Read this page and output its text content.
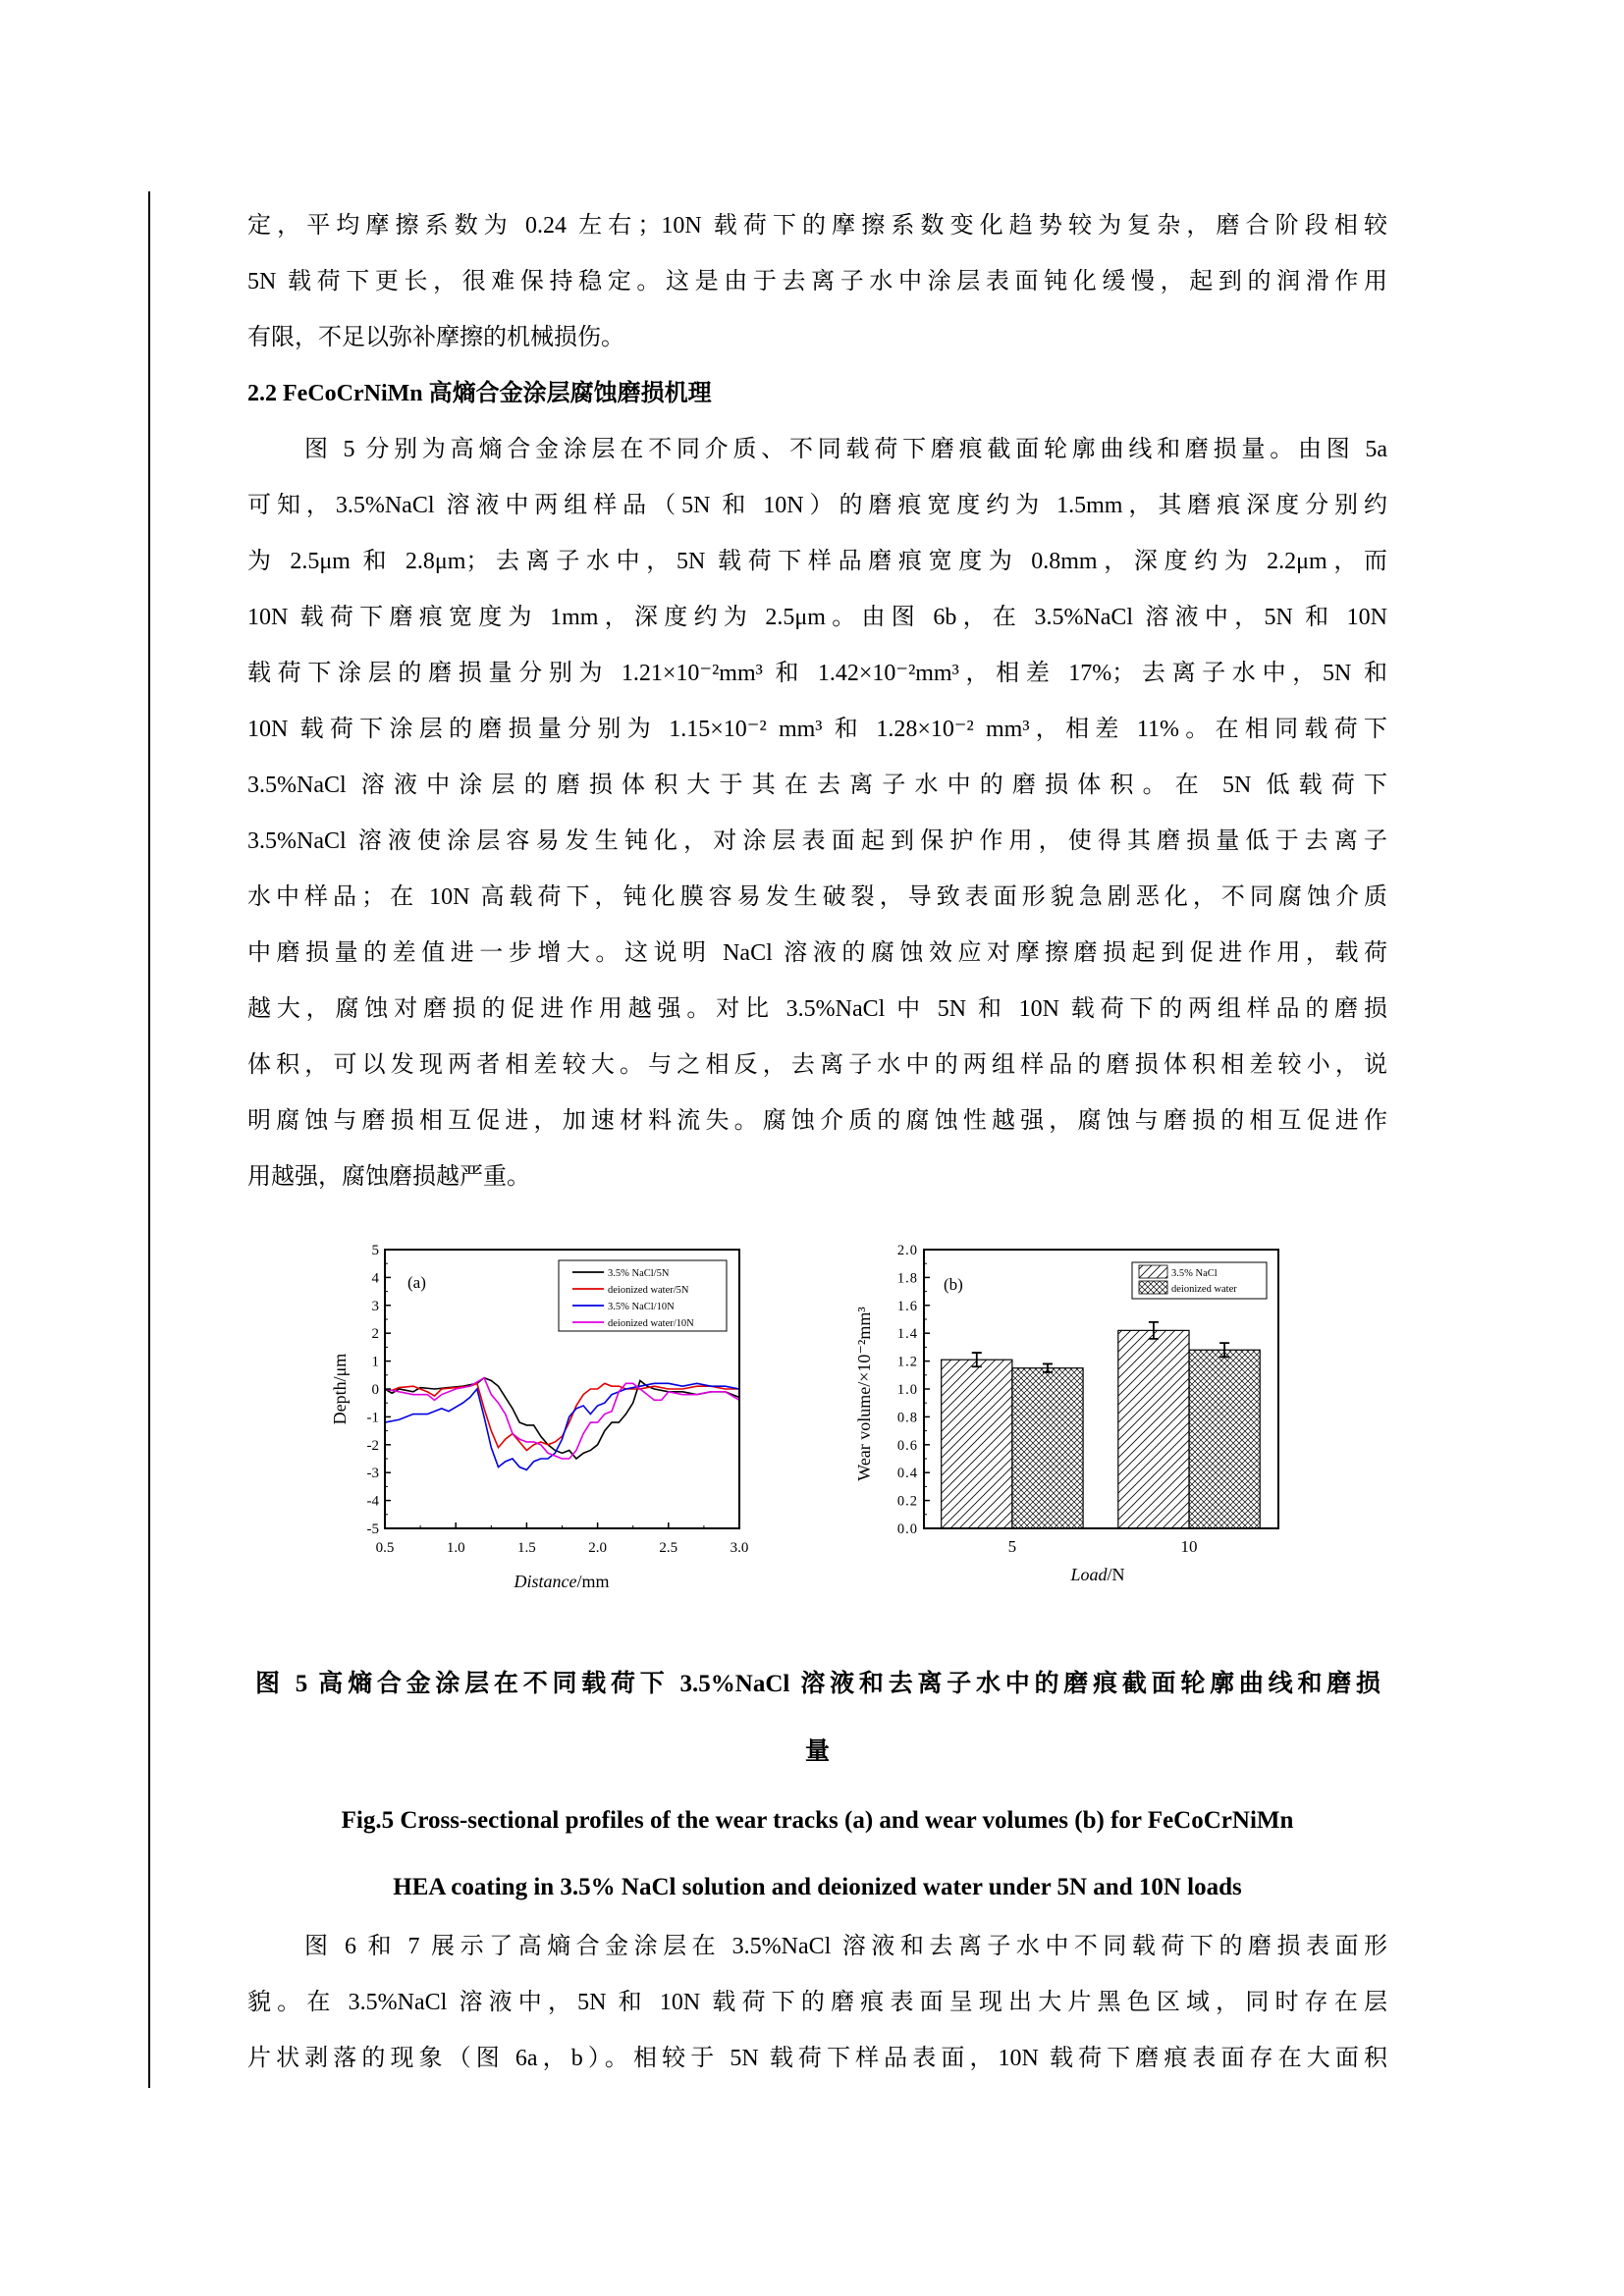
定，平均摩擦系数为 0.24 左右；10N 载荷下的摩擦系数变化趋势较为复杂，磨合阶段相较
5N 载荷下更长，很难保持稳定。这是由于去离子水中涂层表面钝化缓慢，起到的润滑作用
有限，不足以弥补摩擦的机械损伤。
2.2 FeCoCrNiMn 高熵合金涂层腐蚀磨损机理
图 5 分别为高熵合金涂层在不同介质、不同载荷下磨痕截面轮廓曲线和磨损量。由图 5a
可知，3.5%NaCl 溶液中两组样品（5N 和 10N）的磨痕宽度约为 1.5mm，其磨痕深度分别约
为 2.5μm 和 2.8μm；去离子水中，5N 载荷下样品磨痕宽度为 0.8mm，深度约为 2.2μm，而
10N 载荷下磨痕宽度为 1mm，深度约为 2.5μm。由图 6b，在 3.5%NaCl 溶液中，5N 和 10N
载荷下涂层的磨损量分别为 1.21×10⁻²mm³ 和 1.42×10⁻²mm³，相差 17%；去离子水中，5N 和
10N 载荷下涂层的磨损量分别为 1.15×10⁻² mm³ 和 1.28×10⁻² mm³，相差 11%。在相同载荷下
3.5%NaCl 溶液中涂层的磨损体积大于其在去离子水中的磨损体积。在 5N 低载荷下
3.5%NaCl 溶液使涂层容易发生钝化，对涂层表面起到保护作用，使得其磨损量低于去离子
水中样品；在 10N 高载荷下，钝化膜容易发生破裂，导致表面形貌急剧恶化，不同腐蚀介质
中磨损量的差值进一步增大。这说明 NaCl 溶液的腐蚀效应对摩擦磨损起到促进作用，载荷
越大，腐蚀对磨损的促进作用越强。对比 3.5%NaCl 中 5N 和 10N 载荷下的两组样品的磨损
体积，可以发现两者相差较大。与之相反，去离子水中的两组样品的磨损体积相差较小，说
明腐蚀与磨损相互促进，加速材料流失。腐蚀介质的腐蚀性越强，腐蚀与磨损的相互促进作
用越强，腐蚀磨损越严重。
图 5 高熵合金涂层在不同载荷下 3.5%NaCl 溶液和去离子水中的磨痕截面轮廓曲线和磨损
量
Fig.5 Cross-sectional profiles of the wear tracks (a) and wear volumes (b) for FeCoCrNiMn
HEA coating in 3.5% NaCl solution and deionized water under 5N and 10N loads
图 6 和 7 展示了高熵合金涂层在 3.5%NaCl 溶液和去离子水中不同载荷下的磨损表面形
貌。在 3.5%NaCl 溶液中，5N 和 10N 载荷下的磨痕表面呈现出大片黑色区域，同时存在层
片状剥落的现象（图 6a，b）。相较于 5N 载荷下样品表面，10N 载荷下磨痕表面存在大面积
5
4
3
2
1
0
-1
-2
-3
-4
-5
0.5	1.0	1.5	2.0	2.5	3.0
(a)
Depth/μm
Distance/mm
3.5% NaCl/5N
deionized water/5N
3.5% NaCl/10N
deionized water/10N
5	10
0.0
0.2
0.4
0.6
0.8
1.0
1.2
1.4
1.6
1.8
2.0
(b)
Wear volume/×10⁻²mm³
Load/N
3.5% NaCl
deionized water
